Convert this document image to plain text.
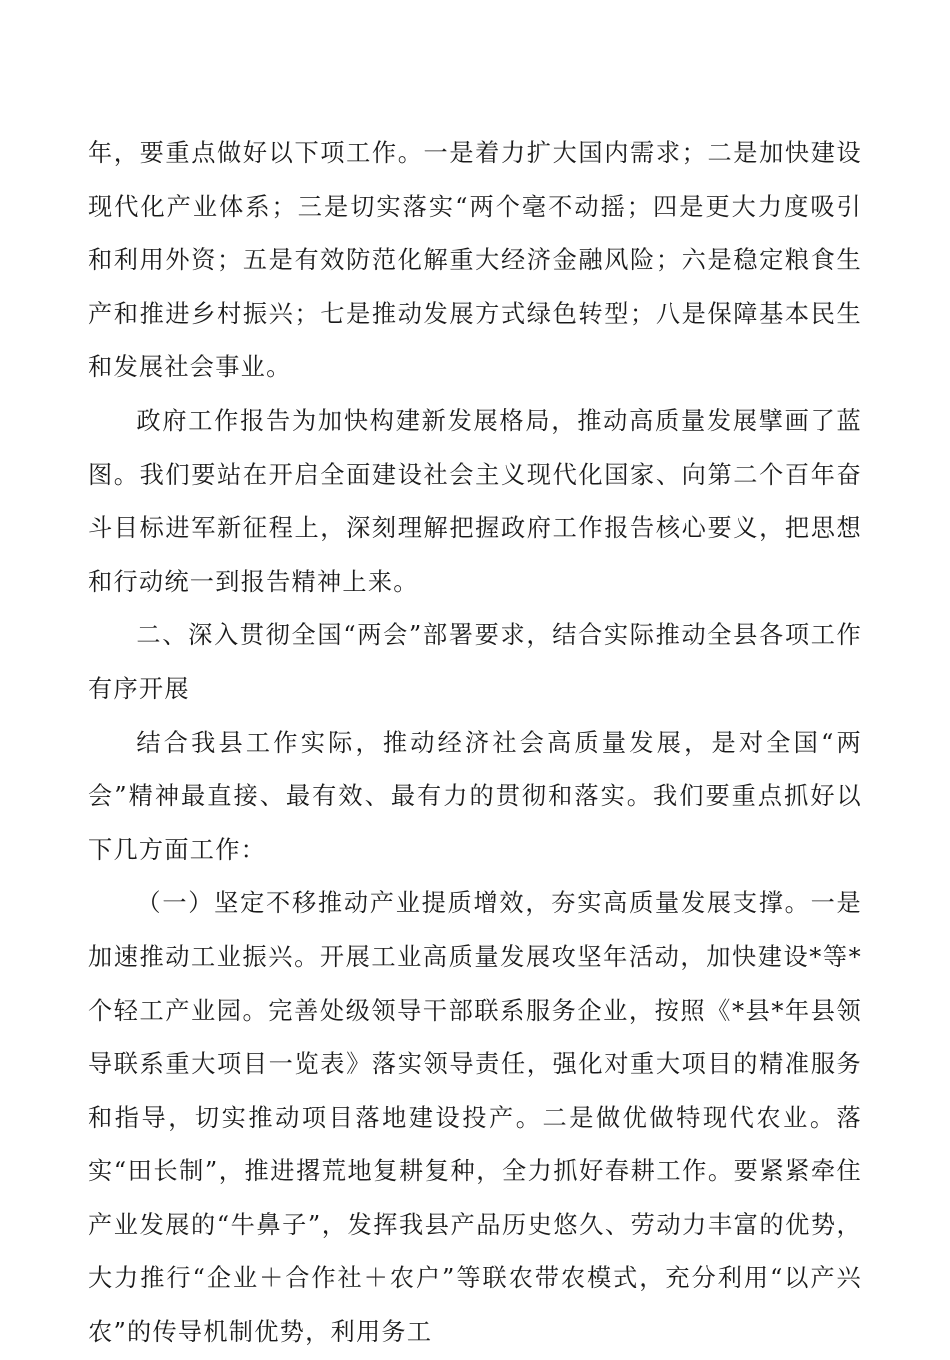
年，要重点做好以下项工作。一是着力扩大国内需求；二是加快建设现代化产业体系；三是切实落实“两个毫不动摇；四是更大力度吸引和利用外资；五是有效防范化解重大经济金融风险；六是稳定粮食生产和推进乡村振兴；七是推动发展方式绿色转型；八是保障基本民生和发展社会事业。

政府工作报告为加快构建新发展格局，推动高质量发展擘画了蓝图。我们要站在开启全面建设社会主义现代化国家、向第二个百年奋斗目标进军新征程上，深刻理解把握政府工作报告核心要义，把思想和行动统一到报告精神上来。

二、深入贯彻全国“两会”部署要求，结合实际推动全县各项工作有序开展

结合我县工作实际，推动经济社会高质量发展，是对全国“两会”精神最直接、最有效、最有力的贯彻和落实。我们要重点抓好以下几方面工作：

（一）坚定不移推动产业提质增效，夯实高质量发展支撑。一是加速推动工业振兴。开展工业高质量发展攻坚年活动，加快建设*等*个轻工产业园。完善处级领导干部联系服务企业，按照《*县*年县领导联系重大项目一览表》落实领导责任，强化对重大项目的精准服务和指导，切实推动项目落地建设投产。二是做优做特现代农业。落实“田长制”，推进撂荒地复耕复种，全力抓好春耕工作。要紧紧牵住产业发展的“牛鼻子”，发挥我县产品历史悠久、劳动力丰富的优势，大力推行“企业＋合作社＋农户”等联农带农模式，充分利用“以产兴农”的传导机制优势，利用务工
